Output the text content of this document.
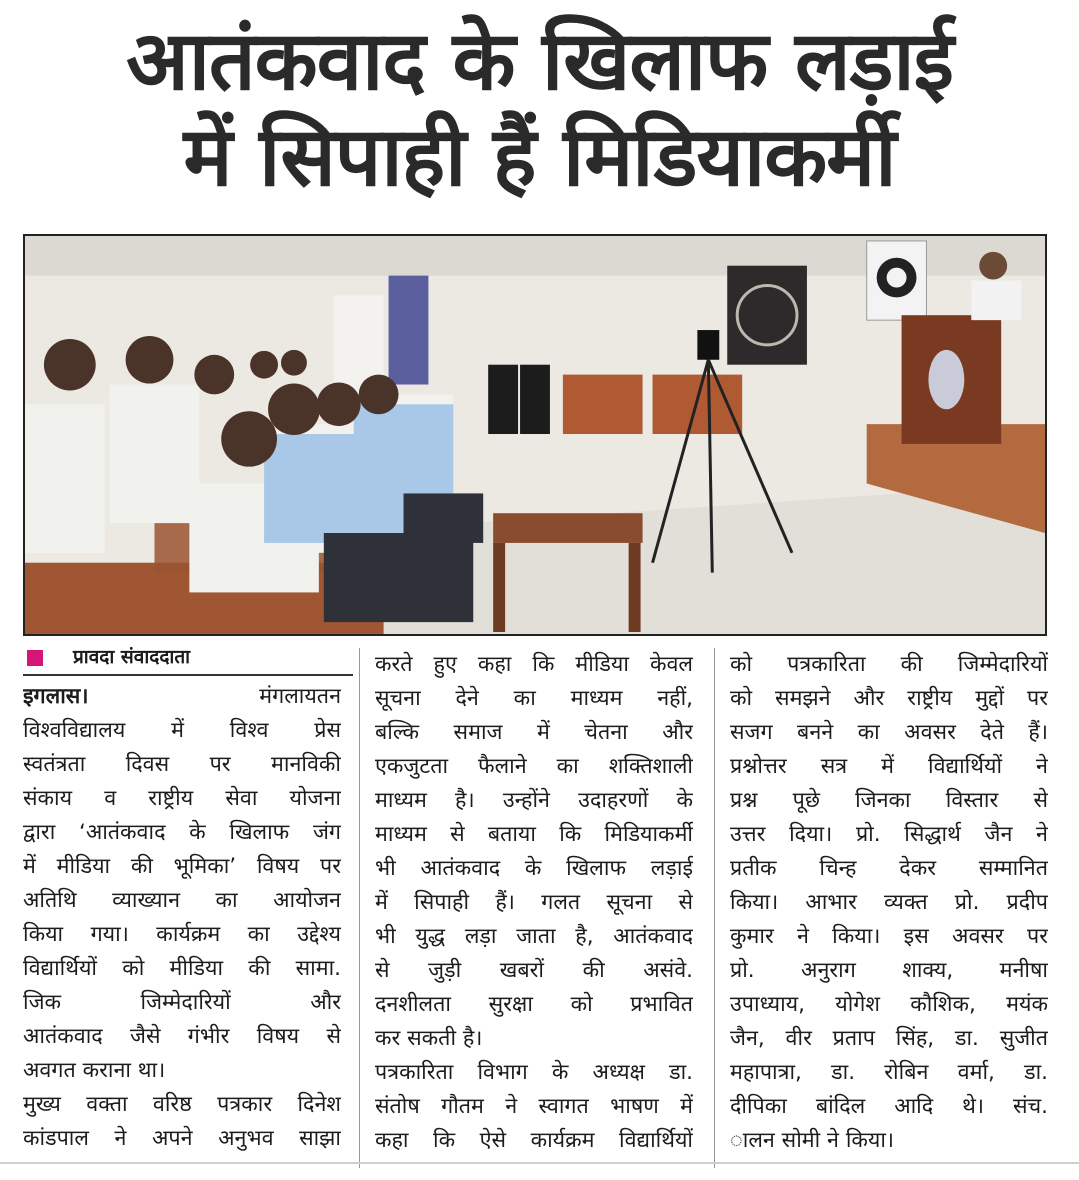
आतंकवाद के खिलाफ लड़ाई
में सिपाही हैं मिडियाकर्मी
प्रावदा संवाददाता
इगलास।	मंगलायतन
विश्वविद्यालय में विश्व प्रेस
स्वतंत्रता दिवस पर मानविकी
संकाय व राष्ट्रीय सेवा योजना
द्वारा ‘आतंकवाद के खिलाफ जंग
में मीडिया की भूमिका’ विषय पर
अतिथि व्याख्यान का आयोजन
किया गया। कार्यक्रम का उद्देश्य
विद्यार्थियों को मीडिया की सामा.
जिक जिम्मेदारियों और
आतंकवाद जैसे गंभीर विषय से
अवगत कराना था।
मुख्य वक्ता वरिष्ठ पत्रकार दिनेश
कांडपाल ने अपने अनुभव साझा
करते हुए कहा कि मीडिया केवल
सूचना देने का माध्यम नहीं,
बल्कि समाज में चेतना और
एकजुटता फैलाने का शक्तिशाली
माध्यम है। उन्होंने उदाहरणों के
माध्यम से बताया कि मिडियाकर्मी
भी आतंकवाद के खिलाफ लड़ाई
में सिपाही हैं। गलत सूचना से
भी युद्ध लड़ा जाता है, आतंकवाद
से जुड़ी खबरों की असंवे.
दनशीलता सुरक्षा को प्रभावित
कर सकती है।
पत्रकारिता विभाग के अध्यक्ष डा.
संतोष गौतम ने स्वागत भाषण में
कहा कि ऐसे कार्यक्रम विद्यार्थियों
को पत्रकारिता की जिम्मेदारियों
को समझने और राष्ट्रीय मुद्दों पर
सजग बनने का अवसर देते हैं।
प्रश्नोत्तर सत्र में विद्यार्थियों ने
प्रश्न पूछे जिनका विस्तार से
उत्तर दिया। प्रो. सिद्धार्थ जैन ने
प्रतीक चिन्ह देकर सम्मानित
किया। आभार व्यक्त प्रो. प्रदीप
कुमार ने किया। इस अवसर पर
प्रो. अनुराग शाक्य, मनीषा
उपाध्याय, योगेश कौशिक, मयंक
जैन, वीर प्रताप सिंह, डा. सुजीत
महापात्रा, डा. रोबिन वर्मा, डा.
दीपिका बांदिल आदि थे। संच.
ालन सोमी ने किया।
